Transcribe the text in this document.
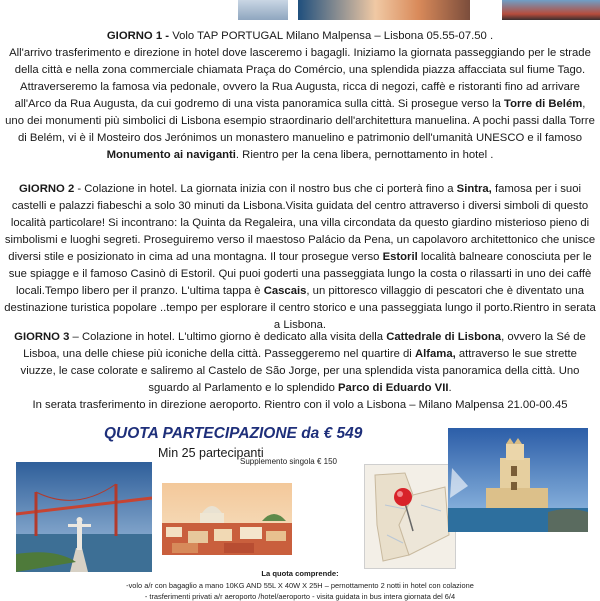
GIORNO 1 - Volo TAP PORTUGAL Milano Malpensa – Lisbona 05.55-07.50 .
All'arrivo trasferimento e direzione in hotel dove lasceremo i bagagli. Iniziamo la giornata passeggiando per le strade della città e nella zona commerciale chiamata Praça do Comércio, una splendida piazza affacciata sul fiume Tago. Attraverseremo la famosa via pedonale, ovvero la Rua Augusta, ricca di negozi, caffè e ristoranti fino ad arrivare all'Arco da Rua Augusta, da cui godremo di una vista panoramica sulla città. Si prosegue verso la Torre di Belém, uno dei monumenti più simbolici di Lisbona esempio straordinario dell'architettura manuelina. A pochi passi dalla Torre di Belém, vi è il Mosteiro dos Jerónimos un monastero manuelino e patrimonio dell'umanità UNESCO e il famoso Monumento ai naviganti. Rientro per la cena libera, pernottamento in hotel .
GIORNO 2 - Colazione in hotel. La giornata inizia con il nostro bus che ci porterà fino a Sintra, famosa per i suoi castelli e palazzi fiabeschi a solo 30 minuti da Lisbona.Visita guidata del centro attraverso i diversi simboli di questo località particolare! Si incontrano: la Quinta da Regaleira, una villa circondata da questo giardino misterioso pieno di simbolismi e luoghi segreti. Proseguiremo verso il maestoso Palácio da Pena, un capolavoro architettonico che unisce diversi stile e posizionato in cima ad una montagna. Il tour prosegue verso Estoril località balneare conosciuta per le sue spiagge e il famoso Casinò di Estoril. Qui puoi goderti una passeggiata lungo la costa o rilassarti in uno dei caffè locali.Tempo libero per il pranzo. L'ultima tappa è Cascais, un pittoresco villaggio di pescatori che è diventato una destinazione turistica popolare ..tempo per esplorare il centro storico e una passeggiata lungo il porto.Rientro in serata a Lisbona.
GIORNO 3 – Colazione in hotel. L'ultimo giorno è dedicato alla visita della Cattedrale di Lisbona, ovvero la Sé de Lisboa, una delle chiese più iconiche della città. Passeggeremo nel quartire di Alfama, attraverso le sue strette viuzze, le case colorate e saliremo al Castelo de São Jorge, per una splendida vista panoramica della città. Uno sguardo al Parlamento e lo splendido Parco di Eduardo VII.
In serata trasferimento in direzione aeroporto. Rientro con il volo a Lisbona – Milano Malpensa 21.00-00.45

QUOTA PARTECIPAZIONE da € 549

Min 25 partecipanti
Supplemento singola € 150

La quota comprende:

-volo a/r con bagaglio a mano 10KG AND 55L X 40W X 25H – pernottamento 2 notti in hotel con colazione

- trasferimenti privati a/r aeroporto /hotel/aeroporto - visita guidata in bus intera giornata del 6/4
